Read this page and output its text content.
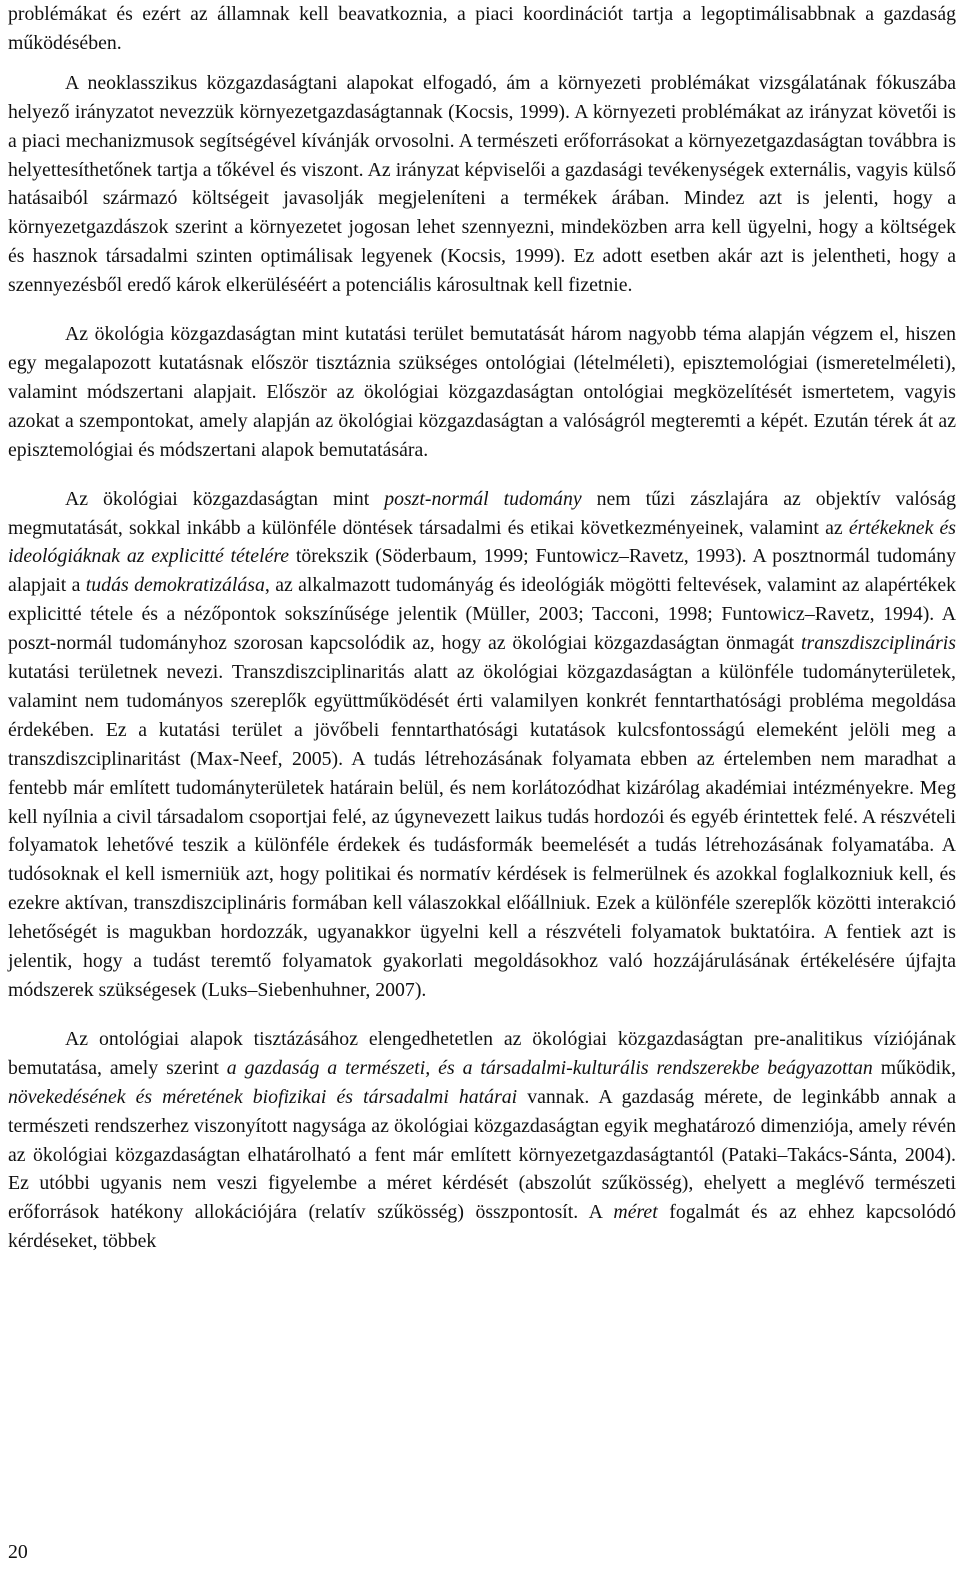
problémákat és ezért az államnak kell beavatkoznia, a piaci koordinációt tartja a legoptimálisabbnak a gazdaság működésében.

A neoklasszikus közgazdaságtani alapokat elfogadó, ám a környezeti problémákat vizsgálatának fókuszába helyező irányzatot nevezzük környezetgazdaságtannak (Kocsis, 1999). A környezeti problémákat az irányzat követői is a piaci mechanizmusok segítségével kívánják orvosolni. A természeti erőforrásokat a környezetgazdaságtan továbbra is helyettesíthetőnek tartja a tőkével és viszont. Az irányzat képviselői a gazdasági tevékenységek externális, vagyis külső hatásaiból származó költségeit javasolják megjeleníteni a termékek árában. Mindez azt is jelenti, hogy a környezetgazdászok szerint a környezetet jogosan lehet szennyezni, mindeközben arra kell ügyelni, hogy a költségek és hasznok társadalmi szinten optimálisak legyenek (Kocsis, 1999). Ez adott esetben akár azt is jelentheti, hogy a szennyezésből eredő károk elkerüléséért a potenciális károsultnak kell fizetnie.

Az ökológia közgazdaságtan mint kutatási terület bemutatását három nagyobb téma alapján végzem el, hiszen egy megalapozott kutatásnak először tisztáznia szükséges ontológiai (lételméleti), episztemológiai (ismeretelméleti), valamint módszertani alapjait. Először az ökológiai közgazdaságtan ontológiai megközelítését ismertetem, vagyis azokat a szempontokat, amely alapján az ökológiai közgazdaságtan a valóságról megteremti a képét. Ezután térek át az episztemológiai és módszertani alapok bemutatására.

Az ökológiai közgazdaságtan mint poszt-normál tudomány nem tűzi zászlajára az objektív valóság megmutatását, sokkal inkább a különféle döntések társadalmi és etikai következményeinek, valamint az értékeknek és ideológiáknak az explicitté tételére törekszik (Söderbaum, 1999; Funtowicz–Ravetz, 1993). A posztnormál tudomány alapjait a tudás demokratizálása, az alkalmazott tudományág és ideológiák mögötti feltevések, valamint az alapértékek explicitté tétele és a nézőpontok sokszínűsége jelentik (Müller, 2003; Tacconi, 1998; Funtowicz–Ravetz, 1994). A poszt-normál tudományhoz szorosan kapcsolódik az, hogy az ökológiai közgazdaságtan önmagát transzdiszciplináris kutatási területnek nevezi. Transzdiszciplinaritás alatt az ökológiai közgazdaságtan a különféle tudományterületek, valamint nem tudományos szereplők együttműködését érti valamilyen konkrét fenntarthatósági probléma megoldása érdekében. Ez a kutatási terület a jövőbeli fenntarthatósági kutatások kulcsfontosságú elemeként jelöli meg a transzdiszciplinaritást (Max-Neef, 2005). A tudás létrehozásának folyamata ebben az értelemben nem maradhat a fentebb már említett tudományterületek határain belül, és nem korlátozódhat kizárólag akadémiai intézményekre. Meg kell nyílnia a civil társadalom csoportjai felé, az úgynevezett laikus tudás hordozói és egyéb érintettek felé. A részvételi folyamatok lehetővé teszik a különféle érdekek és tudásformák beemelését a tudás létrehozásának folyamatába. A tudósoknak el kell ismerniük azt, hogy politikai és normatív kérdések is felmerülnek és azokkal foglalkozniuk kell, és ezekre aktívan, transzdiszciplináris formában kell válaszokkal előállniuk. Ezek a különféle szereplők közötti interakció lehetőségét is magukban hordozzák, ugyanakkor ügyelni kell a részvételi folyamatok buktatóira. A fentiek azt is jelentik, hogy a tudást teremtő folyamatok gyakorlati megoldásokhoz való hozzájárulásának értékelésére újfajta módszerek szükségesek (Luks–Siebenhuhner, 2007).

Az ontológiai alapok tisztázásához elengedhetetlen az ökológiai közgazdaságtan pre-analitikus víziójának bemutatása, amely szerint a gazdaság a természeti, és a társadalmi-kulturális rendszerekbe beágyazottan működik, növekedésének és méretének biofizikai és társadalmi határai vannak. A gazdaság mérete, de leginkább annak a természeti rendszerhez viszonyított nagysága az ökológiai közgazdaságtan egyik meghatározó dimenziója, amely révén az ökológiai közgazdaságtan elhatárolható a fent már említett környezetgazdaságtantól (Pataki–Takács-Sánta, 2004). Ez utóbbi ugyanis nem veszi figyelembe a méret kérdését (abszolút szűkösség), ehelyett a meglévő természeti erőforrások hatékony allokációjára (relatív szűkösség) összpontosít. A méret fogalmát és az ehhez kapcsolódó kérdéseket, többek

20
